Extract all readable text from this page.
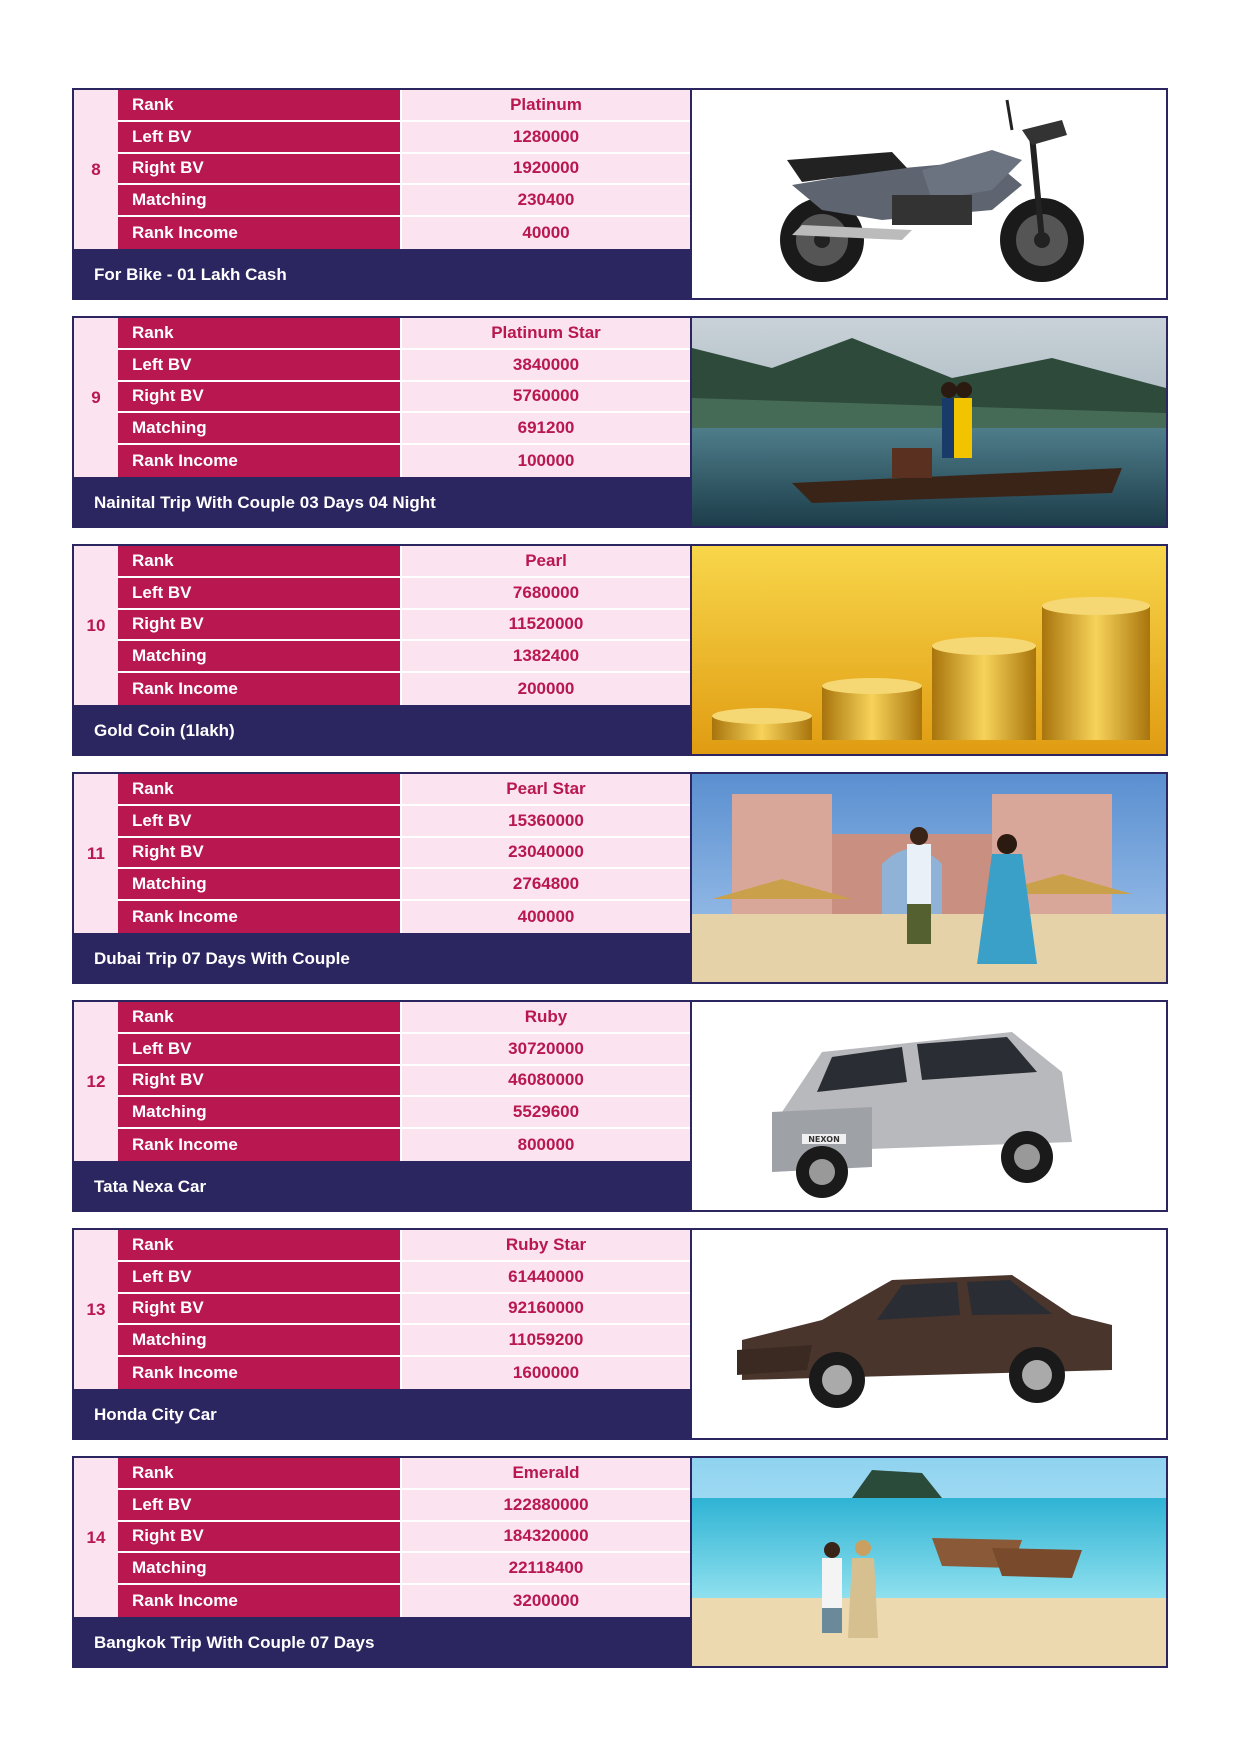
8
Rank	Platinum
Left BV	1280000
Right BV	1920000
Matching	230400
Rank Income	40000
For Bike - 01 Lakh Cash
9
Rank	Platinum Star
Left BV	3840000
Right BV	5760000
Matching	691200
Rank Income	100000
Nainital Trip With Couple 03 Days 04 Night
10
Rank	Pearl
Left BV	7680000
Right BV	11520000
Matching	1382400
Rank Income	200000
Gold Coin (1lakh)
11
Rank	Pearl Star
Left BV	15360000
Right BV	23040000
Matching	2764800
Rank Income	400000
Dubai Trip 07 Days With Couple
12
Rank	Ruby
Left BV	30720000
Right BV	46080000
Matching	5529600
Rank Income	800000
Tata Nexa Car
NEXON
13
Rank	Ruby Star
Left BV	61440000
Right BV	92160000
Matching	11059200
Rank Income	1600000
Honda City Car
14
Rank	Emerald
Left BV	122880000
Right BV	184320000
Matching	22118400
Rank Income	3200000
Bangkok Trip With Couple 07 Days
